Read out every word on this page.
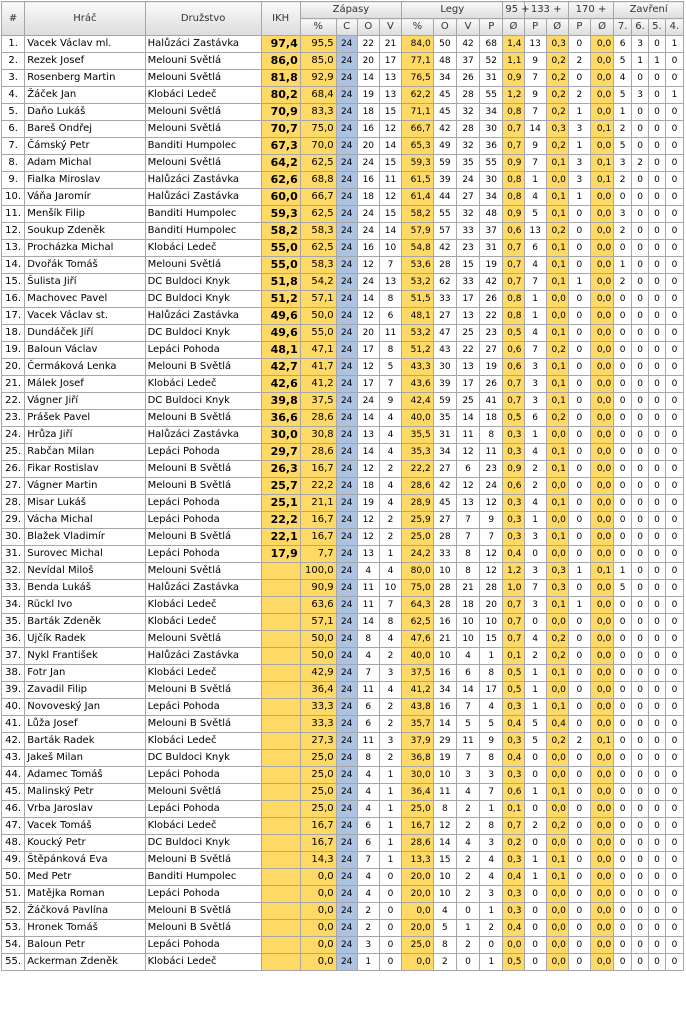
#	Hráč	Družstvo	IKH	Zápasy				Legy				95 +	133 +		170 +		Zavření			
				%	C	O	V	%	O	V	P	Ø	P	Ø	P	Ø	7.	6.	5.	4.
1.	Vacek Václav ml.	Halůzáci Zastávka	97,4	95,5	24	22	21	84,0	50	42	68	1,4	13	0,3	0	0,0	6	3	0	1
2.	Rezek Josef	Melouni Světlá	86,0	85,0	24	20	17	77,1	48	37	52	1,1	9	0,2	2	0,0	5	1	1	0
3.	Rosenberg Martin	Melouni Světlá	81,8	92,9	24	14	13	76,5	34	26	31	0,9	7	0,2	0	0,0	4	0	0	0
4.	Žáček Jan	Klobáci Ledeč	80,2	68,4	24	19	13	62,2	45	28	55	1,2	9	0,2	2	0,0	5	3	0	1
5.	Daňo Lukáš	Melouni Světlá	70,9	83,3	24	18	15	71,1	45	32	34	0,8	7	0,2	1	0,0	1	0	0	0
6.	Bareš Ondřej	Melouni Světlá	70,7	75,0	24	16	12	66,7	42	28	30	0,7	14	0,3	3	0,1	2	0	0	0
7.	Čámský Petr	Banditi Humpolec	67,3	70,0	24	20	14	65,3	49	32	36	0,7	9	0,2	1	0,0	5	0	0	0
8.	Adam Michal	Melouni Světlá	64,2	62,5	24	24	15	59,3	59	35	55	0,9	7	0,1	3	0,1	3	2	0	0
9.	Fialka Miroslav	Halůzáci Zastávka	62,6	68,8	24	16	11	61,5	39	24	30	0,8	1	0,0	3	0,1	2	0	0	0
10.	Váňa Jaromír	Halůzáci Zastávka	60,0	66,7	24	18	12	61,4	44	27	34	0,8	4	0,1	1	0,0	0	0	0	0
11.	Menšík Filip	Banditi Humpolec	59,3	62,5	24	24	15	58,2	55	32	48	0,9	5	0,1	0	0,0	3	0	0	0
12.	Soukup Zdeněk	Banditi Humpolec	58,2	58,3	24	24	14	57,9	57	33	37	0,6	13	0,2	0	0,0	2	0	0	0
13.	Procházka Michal	Klobáci Ledeč	55,0	62,5	24	16	10	54,8	42	23	31	0,7	6	0,1	0	0,0	0	0	0	0
14.	Dvořák Tomáš	Melouni Světlá	55,0	58,3	24	12	7	53,6	28	15	19	0,7	4	0,1	0	0,0	1	0	0	0
15.	Šulista Jiří	DC Buldoci Knyk	51,8	54,2	24	24	13	53,2	62	33	42	0,7	7	0,1	1	0,0	2	0	0	0
16.	Machovec Pavel	DC Buldoci Knyk	51,2	57,1	24	14	8	51,5	33	17	26	0,8	1	0,0	0	0,0	0	0	0	0
17.	Vacek Václav st.	Halůzáci Zastávka	49,6	50,0	24	12	6	48,1	27	13	22	0,8	1	0,0	0	0,0	0	0	0	0
18.	Dundáček Jiří	DC Buldoci Knyk	49,6	55,0	24	20	11	53,2	47	25	23	0,5	4	0,1	0	0,0	0	0	0	0
19.	Baloun Václav	Lepáci Pohoda	48,1	47,1	24	17	8	51,2	43	22	27	0,6	7	0,2	0	0,0	0	0	0	0
20.	Čermáková Lenka	Melouni B Světlá	42,7	41,7	24	12	5	43,3	30	13	19	0,6	3	0,1	0	0,0	0	0	0	0
21.	Málek Josef	Klobáci Ledeč	42,6	41,2	24	17	7	43,6	39	17	26	0,7	3	0,1	0	0,0	0	0	0	0
22.	Vágner Jiří	DC Buldoci Knyk	39,8	37,5	24	24	9	42,4	59	25	41	0,7	3	0,1	0	0,0	0	0	0	0
23.	Prášek Pavel	Melouni B Světlá	36,6	28,6	24	14	4	40,0	35	14	18	0,5	6	0,2	0	0,0	0	0	0	0
24.	Hrůza Jiří	Halůzáci Zastávka	30,0	30,8	24	13	4	35,5	31	11	8	0,3	1	0,0	0	0,0	0	0	0	0
25.	Rabčan Milan	Lepáci Pohoda	29,7	28,6	24	14	4	35,3	34	12	11	0,3	4	0,1	0	0,0	0	0	0	0
26.	Fikar Rostislav	Melouni B Světlá	26,3	16,7	24	12	2	22,2	27	6	23	0,9	2	0,1	0	0,0	0	0	0	0
27.	Vágner Martin	Melouni B Světlá	25,7	22,2	24	18	4	28,6	42	12	24	0,6	2	0,0	0	0,0	0	0	0	0
28.	Misar Lukáš	Lepáci Pohoda	25,1	21,1	24	19	4	28,9	45	13	12	0,3	4	0,1	0	0,0	0	0	0	0
29.	Vácha Michal	Lepáci Pohoda	22,2	16,7	24	12	2	25,9	27	7	9	0,3	1	0,0	0	0,0	0	0	0	0
30.	Blažek Vladimír	Melouni B Světlá	22,1	16,7	24	12	2	25,0	28	7	7	0,3	3	0,1	0	0,0	0	0	0	0
31.	Surovec Michal	Lepáci Pohoda	17,9	7,7	24	13	1	24,2	33	8	12	0,4	0	0,0	0	0,0	0	0	0	0
32.	Nevídal Miloš	Melouni Světlá		100,0	24	4	4	80,0	10	8	12	1,2	3	0,3	1	0,1	1	0	0	0
33.	Benda Lukáš	Halůzáci Zastávka		90,9	24	11	10	75,0	28	21	28	1,0	7	0,3	0	0,0	5	0	0	0
34.	Rückl Ivo	Klobáci Ledeč		63,6	24	11	7	64,3	28	18	20	0,7	3	0,1	1	0,0	0	0	0	0
35.	Barták Zdeněk	Klobáci Ledeč		57,1	24	14	8	62,5	16	10	10	0,7	0	0,0	0	0,0	0	0	0	0
36.	Ujčík Radek	Melouni Světlá		50,0	24	8	4	47,6	21	10	15	0,7	4	0,2	0	0,0	0	0	0	0
37.	Nykl František	Halůzáci Zastávka		50,0	24	4	2	40,0	10	4	1	0,1	2	0,2	0	0,0	0	0	0	0
38.	Fotr Jan	Klobáci Ledeč		42,9	24	7	3	37,5	16	6	8	0,5	1	0,1	0	0,0	0	0	0	0
39.	Zavadil Filip	Melouni B Světlá		36,4	24	11	4	41,2	34	14	17	0,5	1	0,0	0	0,0	0	0	0	0
40.	Novoveský Jan	Lepáci Pohoda		33,3	24	6	2	43,8	16	7	4	0,3	1	0,1	0	0,0	0	0	0	0
41.	Lůža Josef	Melouni B Světlá		33,3	24	6	2	35,7	14	5	5	0,4	5	0,4	0	0,0	0	0	0	0
42.	Barták Radek	Klobáci Ledeč		27,3	24	11	3	37,9	29	11	9	0,3	5	0,2	2	0,1	0	0	0	0
43.	Jakeš Milan	DC Buldoci Knyk		25,0	24	8	2	36,8	19	7	8	0,4	0	0,0	0	0,0	0	0	0	0
44.	Adamec Tomáš	Lepáci Pohoda		25,0	24	4	1	30,0	10	3	3	0,3	0	0,0	0	0,0	0	0	0	0
45.	Malinský Petr	Melouni Světlá		25,0	24	4	1	36,4	11	4	7	0,6	1	0,1	0	0,0	0	0	0	0
46.	Vrba Jaroslav	Lepáci Pohoda		25,0	24	4	1	25,0	8	2	1	0,1	0	0,0	0	0,0	0	0	0	0
47.	Vacek Tomáš	Klobáci Ledeč		16,7	24	6	1	16,7	12	2	8	0,7	2	0,2	0	0,0	0	0	0	0
48.	Koucký Petr	DC Buldoci Knyk		16,7	24	6	1	28,6	14	4	3	0,2	0	0,0	0	0,0	0	0	0	0
49.	Štěpánková Eva	Melouni B Světlá		14,3	24	7	1	13,3	15	2	4	0,3	1	0,1	0	0,0	0	0	0	0
50.	Med Petr	Banditi Humpolec		0,0	24	4	0	20,0	10	2	4	0,4	1	0,1	0	0,0	0	0	0	0
51.	Matějka Roman	Lepáci Pohoda		0,0	24	4	0	20,0	10	2	3	0,3	0	0,0	0	0,0	0	0	0	0
52.	Žáčková Pavlína	Melouni B Světlá		0,0	24	2	0	0,0	4	0	1	0,3	0	0,0	0	0,0	0	0	0	0
53.	Hronek Tomáš	Melouni B Světlá		0,0	24	2	0	20,0	5	1	2	0,4	0	0,0	0	0,0	0	0	0	0
54.	Baloun Petr	Lepáci Pohoda		0,0	24	3	0	25,0	8	2	0	0,0	0	0,0	0	0,0	0	0	0	0
55.	Ackerman Zdeněk	Klobáci Ledeč		0,0	24	1	0	0,0	2	0	1	0,5	0	0,0	0	0,0	0	0	0	0
